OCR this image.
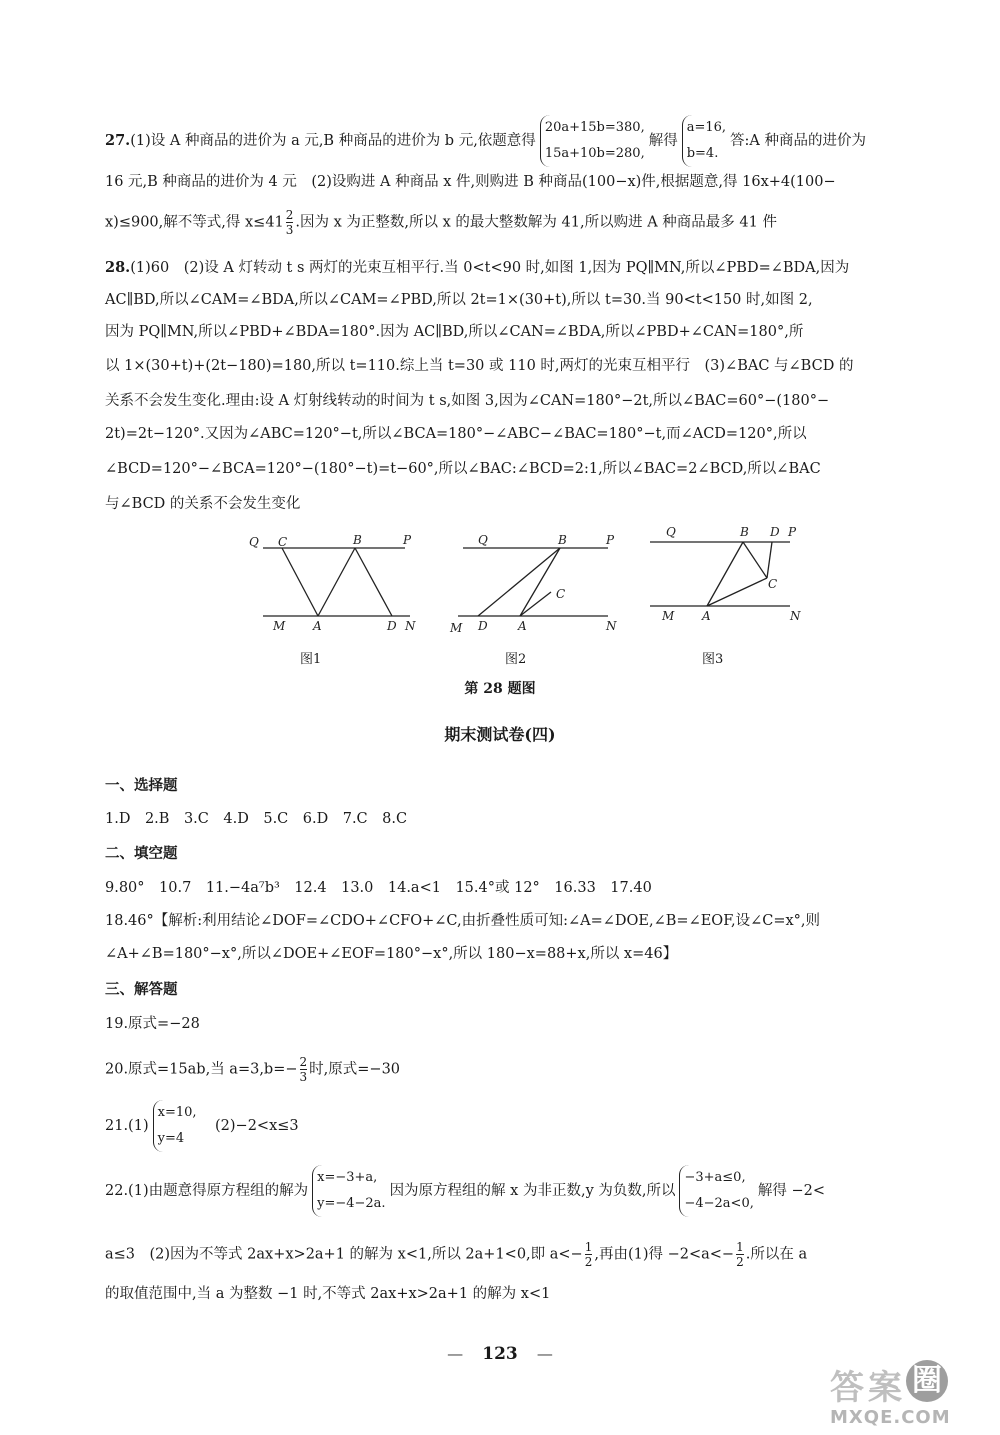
27.(1)设 A 种商品的进价为 a 元,B 种商品的进价为 b 元,依题意得
20a+15b=380,
15a+10b=280,
解得
a=16,
b=4.
答:A 种商品的进价为
16 元,B 种商品的进价为 4 元　(2)设购进 A 种商品 x 件,则购进 B 种商品(100−x)件,根据题意,得 16x+4(100−
x)≤900,解不等式,得 $x\le 41 \frac{2}{3}$ .因为 x 为正整数,所以 x 的最大整数解为 41,所以购进 A 种商品最多 41 件
28.(1)60　(2)设 A 灯转动 t s 两灯的光束互相平行.当 0<t<90 时,如图 1,因为 PQ∥MN,所以∠PBD=∠BDA,因为
AC∥BD,所以∠CAM=∠BDA,所以∠CAM=∠PBD,所以 2t=1×(30+t),所以 t=30.当 90<t<150 时,如图 2,
因为 PQ∥MN,所以∠PBD+∠BDA=180°.因为 AC∥BD,所以∠CAN=∠BDA,所以∠PBD+∠CAN=180°,所
以 1×(30+t)+(2t−180)=180,所以 t=110.综上当 t=30 或 110 时,两灯的光束互相平行　(3)∠BAC 与∠BCD 的
关系不会发生变化.理由:设 A 灯射线转动的时间为 t s,如图 3,因为∠CAN=180°−2t,所以∠BAC=60°−(180°−
2t)=2t−120°.又因为∠ABC=120°−t,所以∠BCA=180°−∠ABC−∠BAC=180°−t,而∠ACD=120°,所以
∠BCD=120°−∠BCA=120°−(180°−t)=t−60°,所以∠BAC:∠BCD=2:1,所以∠BAC=2∠BCD,所以∠BAC
与∠BCD 的关系不会发生变化
Q C	B	P
M A	D N
图1
Q	B	P
C
M D	A	N
图2
Q	B D P
C
M A	N
图3
第 28 题图
期末测试卷(四)
一、选择题
1.D　2.B　3.C　4.D　5.C　6.D　7.C　8.C
二、填空题
9.80°　10.7　11.−4a⁷b³　12.4　13.0　14.a<1　15.4°或 12°　16.33　17.40
18.46°【解析:利用结论∠DOF=∠CDO+∠CFO+∠C,由折叠性质可知:∠A=∠DOE,∠B=∠EOF,设∠C=x°,则
∠A+∠B=180°−x°,所以∠DOE+∠EOF=180°−x°,所以 180−x=88+x,所以 x=46】
三、解答题
19.原式=−28
20.原式=15ab,当 $a=3,b=- \frac{2}{3}$ 时,原式=−30
21.(1)
x=10,
y=4
　(2)−2<x≤3
22.(1)由题意得原方程组的解为
x=−3+a,
y=−4−2a.
因为原方程组的解 x 为非正数,y 为负数,所以
−3+a≤0,
−4−2a<0,
解得 −2<
a≤3　(2)因为不等式 2ax+x>2a+1 的解为 x<1,所以 2a+1<0,即 $a<- \frac{1}{2}$ ,再由(1)得 $-2<a<- \frac{1}{2}$ .所以在 a
的取值范围中,当 a 为整数 −1 时,不等式 2ax+x>2a+1 的解为 x<1
— 123 —
答 案 圈
MXQE.COM
